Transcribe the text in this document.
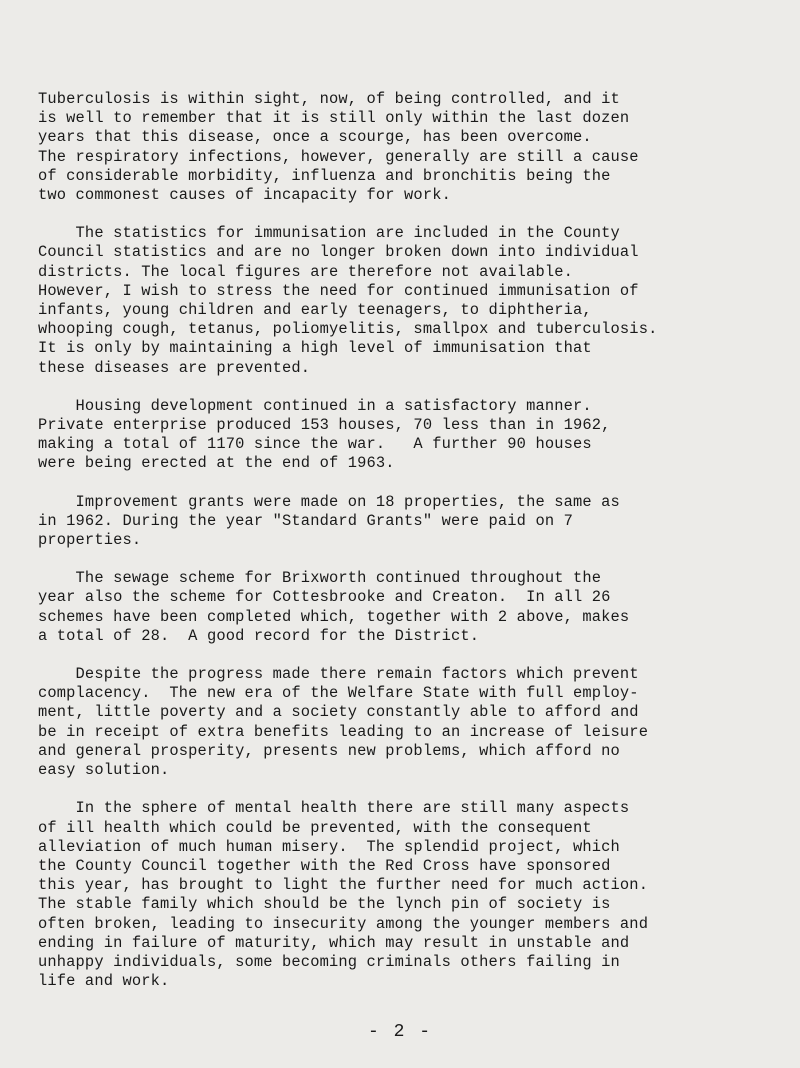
Tuberculosis is within sight, now, of being controlled, and it
is well to remember that it is still only within the last dozen
years that this disease, once a scourge, has been overcome.
The respiratory infections, however, generally are still a cause
of considerable morbidity, influenza and bronchitis being the
two commonest causes of incapacity for work.

The statistics for immunisation are included in the County
Council statistics and are no longer broken down into individual
districts. The local figures are therefore not available.
However, I wish to stress the need for continued immunisation of
infants, young children and early teenagers, to diphtheria,
whooping cough, tetanus, poliomyelitis, smallpox and tuberculosis.
It is only by maintaining a high level of immunisation that
these diseases are prevented.

Housing development continued in a satisfactory manner.
Private enterprise produced 153 houses, 70 less than in 1962,
making a total of 1170 since the war.   A further 90 houses
were being erected at the end of 1963.

Improvement grants were made on 18 properties, the same as
in 1962. During the year "Standard Grants" were paid on 7
properties.

The sewage scheme for Brixworth continued throughout the
year also the scheme for Cottesbrooke and Creaton.  In all 26
schemes have been completed which, together with 2 above, makes
a total of 28.  A good record for the District.

Despite the progress made there remain factors which prevent
complacency.  The new era of the Welfare State with full employ-
ment, little poverty and a society constantly able to afford and
be in receipt of extra benefits leading to an increase of leisure
and general prosperity, presents new problems, which afford no
easy solution.

In the sphere of mental health there are still many aspects
of ill health which could be prevented, with the consequent
alleviation of much human misery.  The splendid project, which
the County Council together with the Red Cross have sponsored
this year, has brought to light the further need for much action.
The stable family which should be the lynch pin of society is
often broken, leading to insecurity among the younger members and
ending in failure of maturity, which may result in unstable and
unhappy individuals, some becoming criminals others failing in
life and work.

- 2 -
